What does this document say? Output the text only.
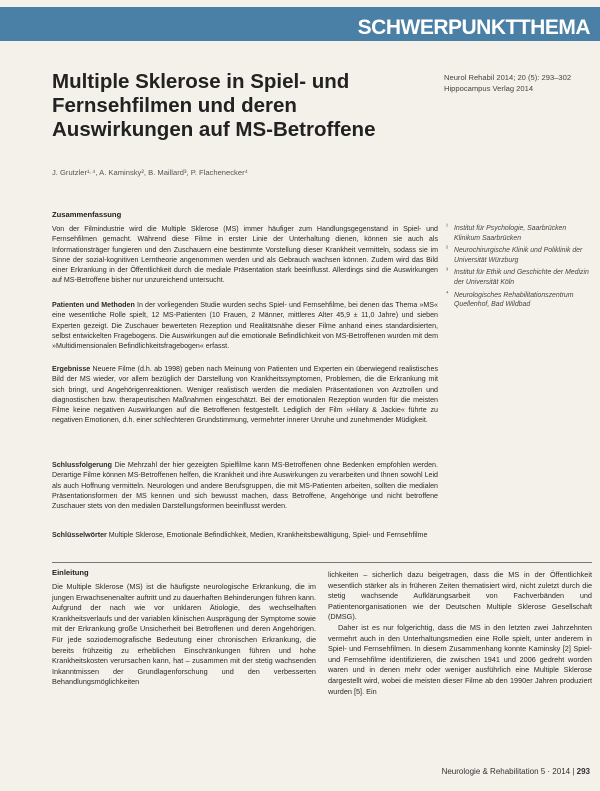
SCHWERPUNKTTHEMA
Multiple Sklerose in Spiel- und Fernsehfilmen und deren Auswirkungen auf MS-Betroffene
Neurol Rehabil 2014; 20 (5): 293–302
Hippocampus Verlag 2014
J. Grutzler¹·⁴, A. Kaminsky², B. Maillard³, P. Flachenecker⁴
Zusammenfassung

Von der Filmindustrie wird die Multiple Sklerose (MS) immer häufiger zum Handlungsgegenstand in Spiel- und Fernsehfilmen gemacht. Während diese Filme in erster Linie der Unterhaltung dienen, können sie auch als Informationsträger fungieren und den Zuschauern eine bestimmte Vorstellung dieser Krankheit vermitteln, sodass sie im Sinne der sozial-kognitiven Lerntheorie angenommen werden und als Gebrauch wachsen können. Zudem wird das Bild einer Erkrankung in der Öffentlichkeit durch die mediale Präsentation stark beeinflusst. Allerdings sind die Auswirkungen auf MS-Betroffene bisher nur unzureichend untersucht.

Patienten und Methoden In der vorliegenden Studie wurden sechs Spiel- und Fernsehfilme, bei denen das Thema »MS« eine wesentliche Rolle spielt, 12 MS-Patienten (10 Frauen, 2 Männer, mittleres Alter 45,9 ± 11,0 Jahre) und sieben Experten gezeigt. Die Zuschauer bewerteten Rezeption und Realitätsnähe dieser Filme anhand eines standardisierten, selbst entwickelten Fragebogens. Die Auswirkungen auf die emotionale Befindlichkeit von MS-Betroffenen wurden mit dem »Multidimensionalen Befindlichkeitsfragebogen« erfasst.

Ergebnisse Neuere Filme (d.h. ab 1998) geben nach Meinung von Patienten und Experten ein überwiegend realistisches Bild der MS wieder, vor allem bezüglich der Darstellung von Krankheitssymptomen, Problemen, die die Erkrankung mit sich bringt, und Angehörigenreaktionen. Weniger realistisch werden die medialen Präsentationen von Arztrollen und diagnostischen bzw. therapeutischen Maßnahmen eingeschätzt. Bei der emotionalen Rezeption wurden für die meisten Filme keine negativen Auswirkungen auf die Betroffenen festgestellt. Lediglich der Film »Hilary & Jackie« führte zu negativen Emotionen, d.h. einer schlechteren Grundstimmung, vermehrter innerer Unruhe und zunehmender Müdigkeit.

Schlussfolgerung Die Mehrzahl der hier gezeigten Spielfilme kann MS-Betroffenen ohne Bedenken empfohlen werden. Derartige Filme können MS-Betroffenen helfen, die Krankheit und ihre Auswirkungen zu verarbeiten und Ihnen sowohl Leid als auch Hoffnung vermitteln. Neurologen und andere Berufsgruppen, die mit MS-Patienten arbeiten, sollten die medialen Präsentationsformen der MS kennen und sich bewusst machen, dass Betroffene, Angehörige und nicht betroffene Zuschauer stets von den medialen Darstellungsformen beeinflusst werden.

Schlüsselwörter Multiple Sklerose, Emotionale Befindlichkeit, Medien, Krankheitsbewältigung, Spiel- und Fernsehfilme

¹ Institut für Psychologie, Saarbrücken Klinikum Saarbrücken
² Neurochirurgische Klinik und Poliklinik der Universität Würzburg
³ Institut für Ethik und Geschichte der Medizin der Universität Köln
⁴ Neurologisches Rehabilitationszentrum Quellenhof, Bad Wildbad
Einleitung

Die Multiple Sklerose (MS) ist die häufigste neurologische Erkrankung, die im jungen Erwachsenenalter auftritt und zu dauerhaften Behinderungen führen kann. Aufgrund der nach wie vor unklaren Ätiologie, des wechselhaften Krankheitsverlaufs und der variablen klinischen Ausprägung der Symptome sowie mit der Erkrankung große Unsicherheit bei Betroffenen und deren Angehörigen. Für jede soziodemografische Bedeutung einer chronischen Erkrankung, die bereits frühzeitig zu erheblichen Einschränkungen führen und hohe Krankheitskosten verursachen kann, hat – zusammen mit der stetig wachsenden Inkanntmissen der Grundlagenforschung und den verbesserten Behandlungsmöglichkeiten

lichkeiten – sicherlich dazu beigetragen, dass die MS in der Öffentlichkeit wesentlich stärker als in früheren Zeiten thematisiert wird, nicht zuletzt durch die stetig wachsende Aufklärungsarbeit von Fachverbänden und Patientenorganisationen wie der Deutschen Multiple Sklerose Gesellschaft (DMSG).
Daher ist es nur folgerichtig, dass die MS in den letzten zwei Jahrzehnten vermehrt auch in den Unterhaltungsmedien eine Rolle spielt, unter anderem in Spiel- und Fernsehfilmen. In diesem Zusammenhang konnte Kaminsky [2] Spiel- und Fernsehfilme identifizieren, die zwischen 1941 und 2006 gedreht worden waren und in denen mehr oder weniger ausführlich eine Multiple Sklerose dargestellt wird, wobei die meisten dieser Filme ab den 1990er Jahren produziert wurden [5]. Ein
Neurologie & Rehabilitation 5 · 2014 | 293
